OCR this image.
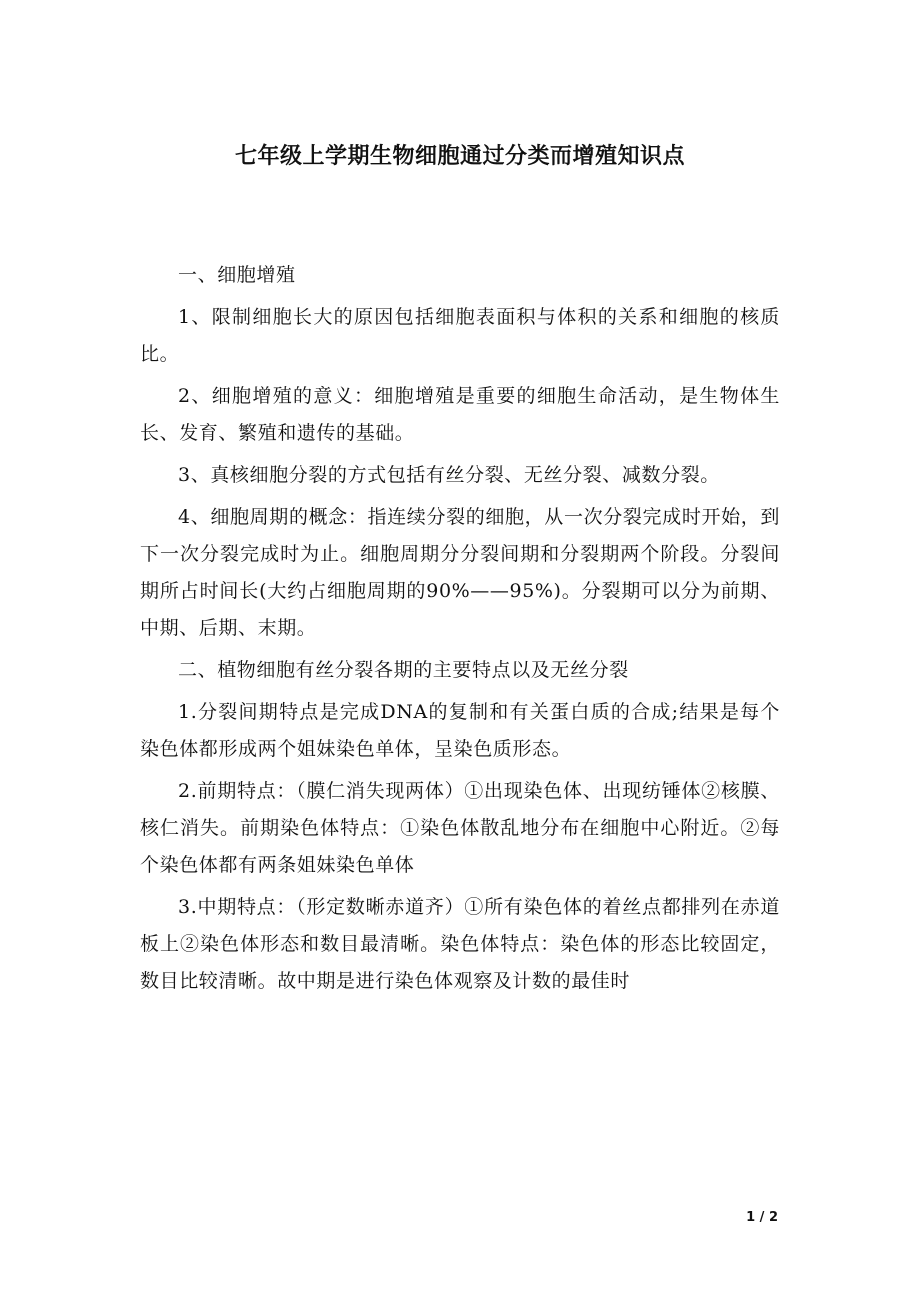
七年级上学期生物细胞通过分类而增殖知识点

一、细胞增殖

1、限制细胞长大的原因包括细胞表面积与体积的关系和细胞的核质比。

2、细胞增殖的意义：细胞增殖是重要的细胞生命活动，是生物体生长、发育、繁殖和遗传的基础。

3、真核细胞分裂的方式包括有丝分裂、无丝分裂、减数分裂。

4、细胞周期的概念：指连续分裂的细胞，从一次分裂完成时开始，到下一次分裂完成时为止。细胞周期分分裂间期和分裂期两个阶段。分裂间期所占时间长(大约占细胞周期的90%——95%)。分裂期可以分为前期、中期、后期、末期。

二、植物细胞有丝分裂各期的主要特点以及无丝分裂

1.分裂间期特点是完成DNA的复制和有关蛋白质的合成;结果是每个染色体都形成两个姐妹染色单体，呈染色质形态。

2.前期特点：（膜仁消失现两体）①出现染色体、出现纺锤体②核膜、核仁消失。前期染色体特点：①染色体散乱地分布在细胞中心附近。②每个染色体都有两条姐妹染色单体

3.中期特点：（形定数晰赤道齐）①所有染色体的着丝点都排列在赤道板上②染色体形态和数目最清晰。染色体特点：染色体的形态比较固定，数目比较清晰。故中期是进行染色体观察及计数的最佳时

1 / 2
